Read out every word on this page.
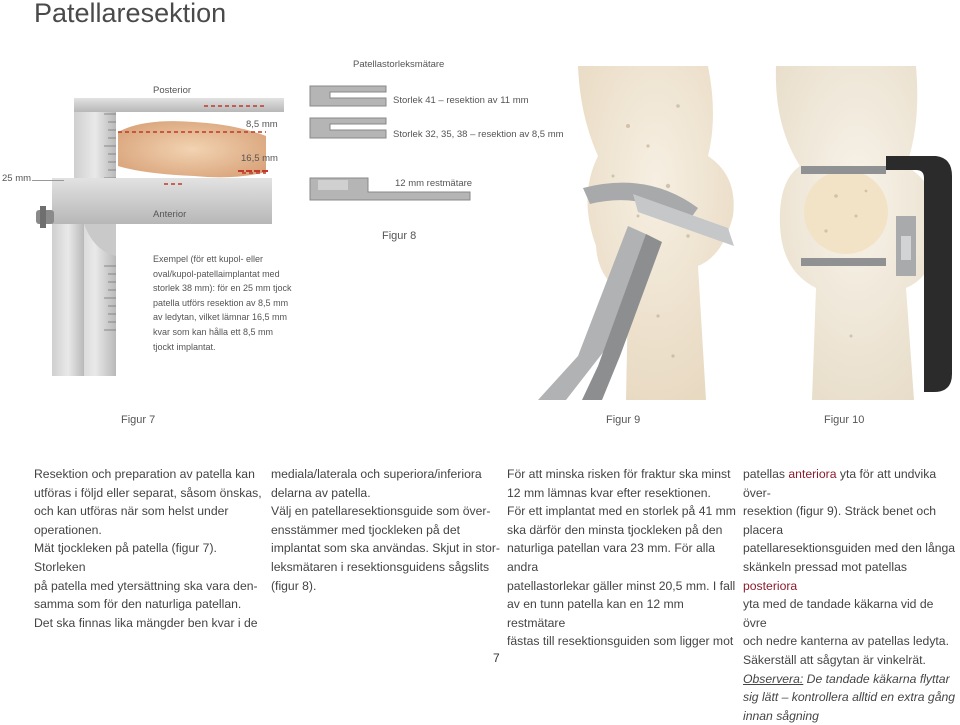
Patellaresektion
Posterior
8,5 mm
16,5 mm
25 mm
Anterior
Exempel (för ett kupol- eller
oval/kupol-patellaimplantat med
storlek 38 mm): för en 25 mm tjock
patella utförs resektion av 8,5 mm
av ledytan, vilket lämnar 16,5 mm
kvar som kan hålla ett 8,5 mm
tjockt implantat.
Figur 7
Patellastorleksmätare
Storlek 41 – resektion av 11 mm
Storlek 32, 35, 38 – resektion av 8,5 mm
12 mm restmätare
Figur 8
Figur 9	Figur 10

Resektion och preparation av patella kan

utföras i följd eller separat, såsom önskas,

och kan utföras när som helst under

operationen.

Mät tjockleken på patella (figur 7). Storleken

på patella med ytersättning ska vara den-

samma som för den naturliga patellan.

Det ska finnas lika mängder ben kvar i de

mediala/laterala och superiora/inferiora

delarna av patella.

Välj en patellaresektionsguide som över-

ensstämmer med tjockleken på det

implantat som ska användas. Skjut in stor-

leksmätaren i resektionsguidens sågslits

(figur 8).

För att minska risken för fraktur ska minst

12 mm lämnas kvar efter resektionen.

För ett implantat med en storlek på 41 mm

ska därför den minsta tjockleken på den

naturliga patellan vara 23 mm. För alla andra

patellastorlekar gäller minst 20,5 mm. I fall

av en tunn patella kan en 12 mm restmätare

fästas till resektionsguiden som ligger mot

patellas anteriora yta för att undvika över-

resektion (figur 9). Sträck benet och placera

patellaresektionsguiden med den långa

skänkeln pressad mot patellas posteriora

yta med de tandade käkarna vid de övre

och nedre kanterna av patellas ledyta.

Säkerställ att sågytan är vinkelrät.

Observera: De tandade käkarna flyttar

sig lätt – kontrollera alltid en extra gång

innan sågning

7
